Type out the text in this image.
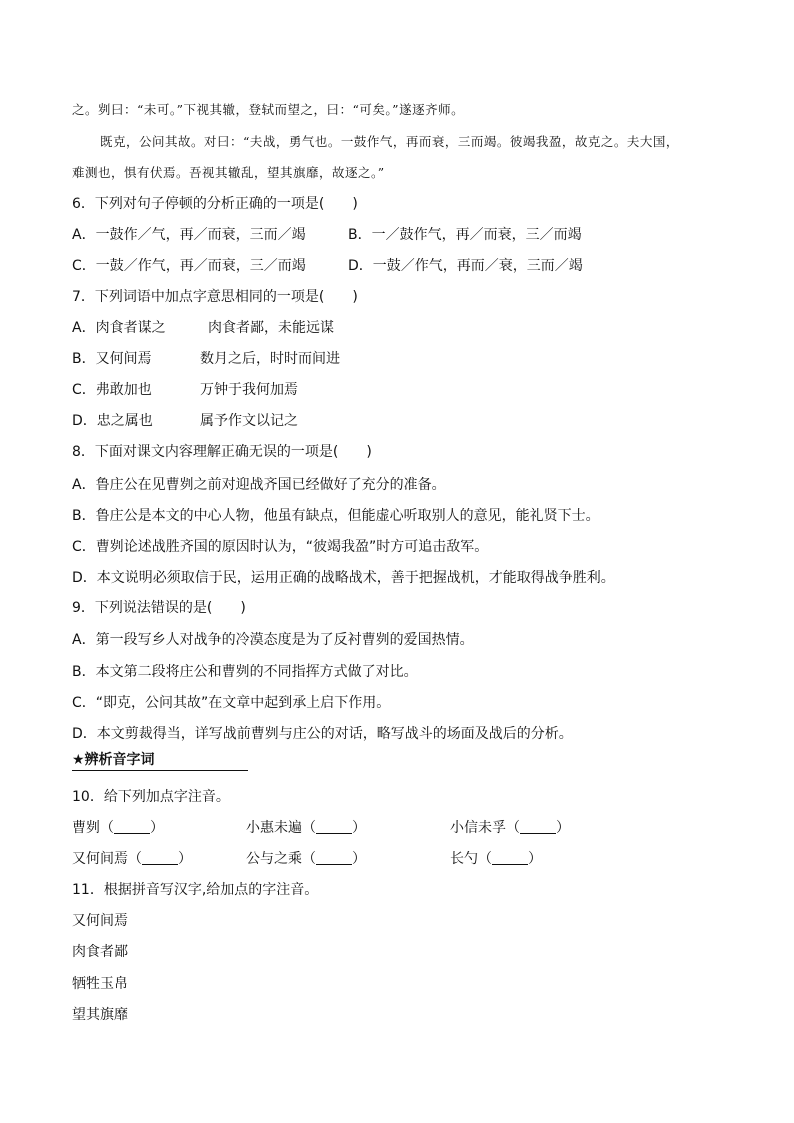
之。刿曰：“未可。”下视其辙，登轼而望之，曰：“可矣。”遂逐齐师。
既克，公问其故。对曰：“夫战，勇气也。一鼓作气，再而衰，三而竭。彼竭我盈，故克之。夫大国，
难测也，惧有伏焉。吾视其辙乱，望其旗靡，故逐之。”
6．下列对句子停顿的分析正确的一项是(　　)
A．一鼓作／气，再／而衰，三而／竭	B．一／鼓作气，再／而衰，三／而竭
C．一鼓／作气，再／而衰，三／而竭	D．一鼓／作气，再而／衰，三而／竭
7．下列词语中加点字意思相同的一项是(　　)
A．肉食者谋之	肉食者鄙，未能远谋
B．又何间焉	数月之后，时时而间进
C．弗敢加也	万钟于我何加焉
D．忠之属也	属予作文以记之
8．下面对课文内容理解正确无误的一项是(　　)
A．鲁庄公在见曹刿之前对迎战齐国已经做好了充分的准备。
B．鲁庄公是本文的中心人物，他虽有缺点，但能虚心听取别人的意见，能礼贤下士。
C．曹刿论述战胜齐国的原因时认为，“彼竭我盈”时方可追击敌军。
D．本文说明必须取信于民，运用正确的战略战术，善于把握战机，才能取得战争胜利。
9．下列说法错误的是(　　)
A．第一段写乡人对战争的冷漠态度是为了反衬曹刿的爱国热情。
B．本文第二段将庄公和曹刿的不同指挥方式做了对比。
C．“即克，公问其故”在文章中起到承上启下作用。
D．本文剪裁得当，详写战前曹刿与庄公的对话，略写战斗的场面及战后的分析。
★辨析音字词
10．给下列加点字注音。
曹刿（	）	小惠未遍（	）	小信未孚（	）
又何间焉（	）	公与之乘（	）	长勺（	）
11．根据拼音写汉字,给加点的字注音。
又何间焉
肉食者鄙
牺牲玉帛
望其旗靡
